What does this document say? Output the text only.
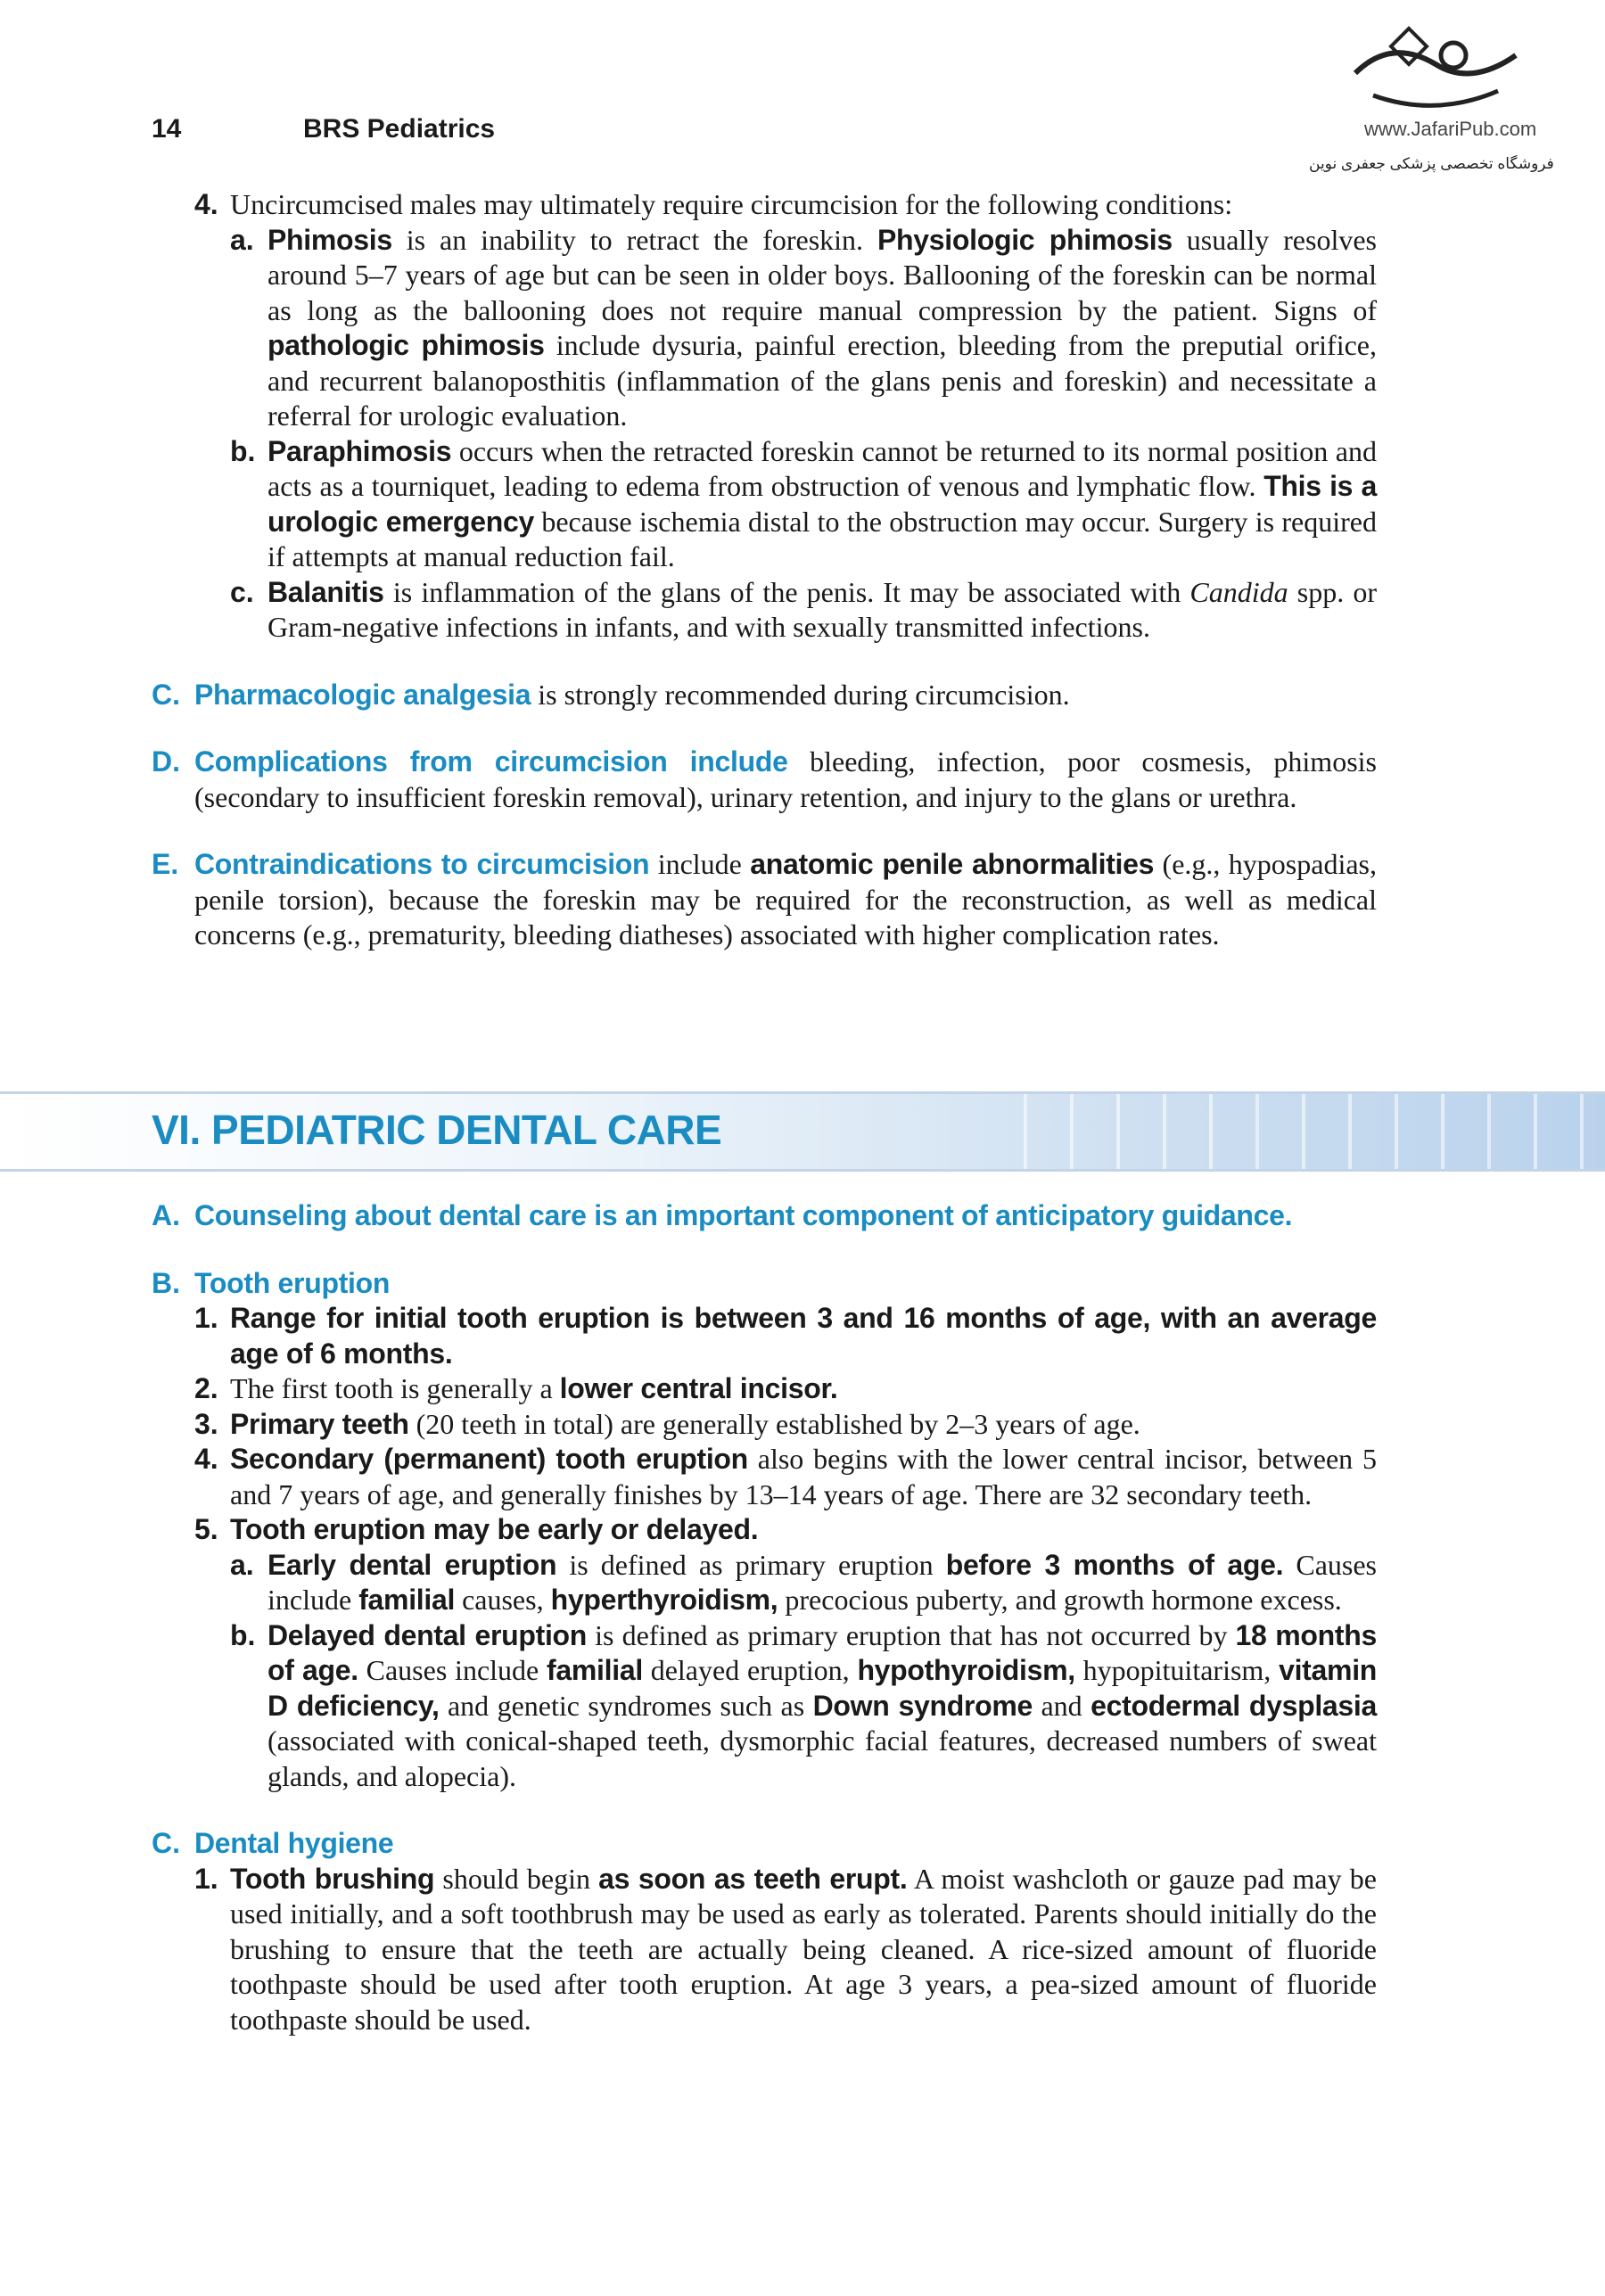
14	BRS Pediatrics	www.JafariPub.com
فروشگاه تخصصی پزشکی جعفری نوین
4. Uncircumcised males may ultimately require circumcision for the following conditions:
a. Phimosis is an inability to retract the foreskin. Physiologic phimosis usually resolves around 5–7 years of age but can be seen in older boys. Ballooning of the foreskin can be normal as long as the ballooning does not require manual compression by the patient. Signs of pathologic phimosis include dysuria, painful erection, bleeding from the preputial orifice, and recurrent balanoposthitis (inflammation of the glans penis and foreskin) and necessitate a referral for urologic evaluation.
b. Paraphimosis occurs when the retracted foreskin cannot be returned to its normal position and acts as a tourniquet, leading to edema from obstruction of venous and lymphatic flow. This is a urologic emergency because ischemia distal to the obstruction may occur. Surgery is required if attempts at manual reduction fail.
c. Balanitis is inflammation of the glans of the penis. It may be associated with Candida spp. or Gram-negative infections in infants, and with sexually transmitted infections.
C. Pharmacologic analgesia is strongly recommended during circumcision.
D. Complications from circumcision include bleeding, infection, poor cosmesis, phimosis (secondary to insufficient foreskin removal), urinary retention, and injury to the glans or urethra.
E. Contraindications to circumcision include anatomic penile abnormalities (e.g., hypospadias, penile torsion), because the foreskin may be required for the reconstruction, as well as medical concerns (e.g., prematurity, bleeding diatheses) associated with higher complication rates.
VI. PEDIATRIC DENTAL CARE
A. Counseling about dental care is an important component of anticipatory guidance.
B. Tooth eruption
1. Range for initial tooth eruption is between 3 and 16 months of age, with an average age of 6 months.
2. The first tooth is generally a lower central incisor.
3. Primary teeth (20 teeth in total) are generally established by 2–3 years of age.
4. Secondary (permanent) tooth eruption also begins with the lower central incisor, between 5 and 7 years of age, and generally finishes by 13–14 years of age. There are 32 secondary teeth.
5. Tooth eruption may be early or delayed.
a. Early dental eruption is defined as primary eruption before 3 months of age. Causes include familial causes, hyperthyroidism, precocious puberty, and growth hormone excess.
b. Delayed dental eruption is defined as primary eruption that has not occurred by 18 months of age. Causes include familial delayed eruption, hypothyroidism, hypopituitarism, vitamin D deficiency, and genetic syndromes such as Down syndrome and ectodermal dysplasia (associated with conical-shaped teeth, dysmorphic facial features, decreased numbers of sweat glands, and alopecia).
C. Dental hygiene
1. Tooth brushing should begin as soon as teeth erupt. A moist washcloth or gauze pad may be used initially, and a soft toothbrush may be used as early as tolerated. Parents should initially do the brushing to ensure that the teeth are actually being cleaned. A rice-sized amount of fluoride toothpaste should be used after tooth eruption. At age 3 years, a pea-sized amount of fluoride toothpaste should be used.
